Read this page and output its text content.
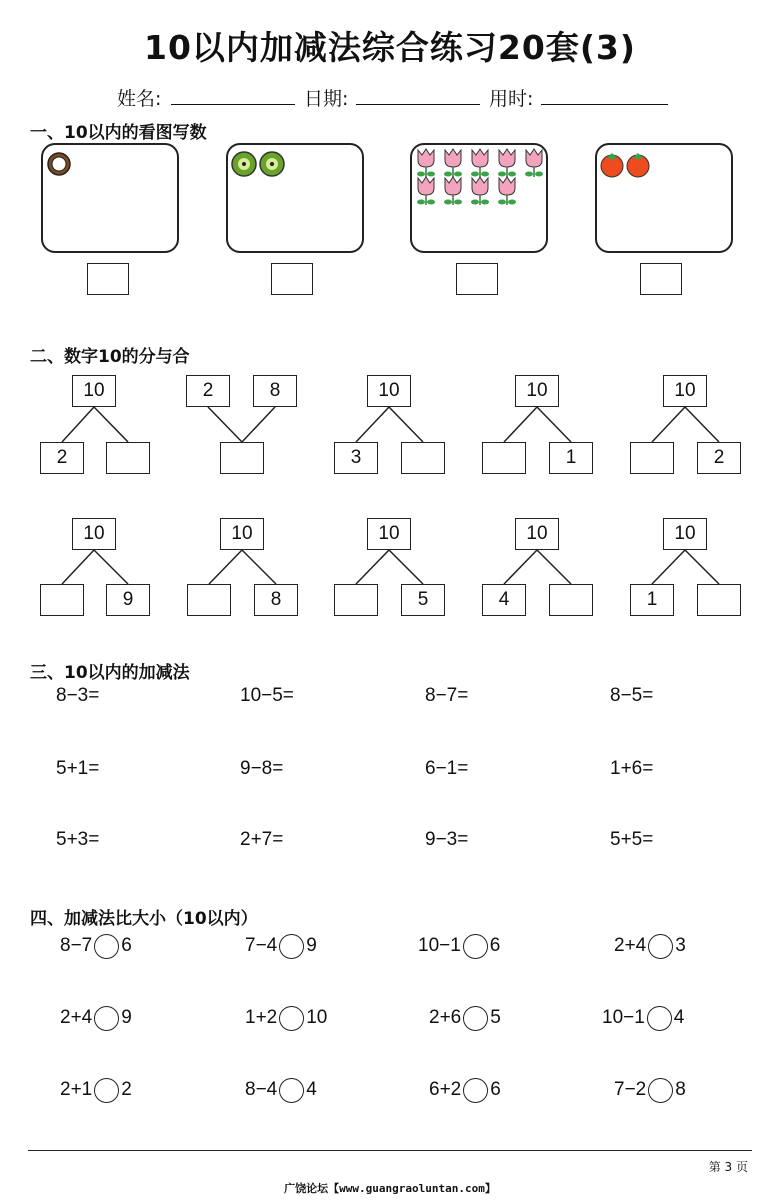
10以内加减法综合练习20套(3)
姓名:	日期:	用时:
一、10以内的看图写数
二、数字10的分与合
10
2
2	8	10
3
10
1
10
2
10
9
10
8
10
5
10
4
10
1
三、10以内的加减法
8−3=	10−5=	8−7=	8−5=
5+1=	9−8=	6−1=	1+6=
5+3=	2+7=	9−3=	5+5=
四、加减法比大小（10以内）
8−7 6	7−4 9	10−1 6	2+4 3
2+4 9	1+2 10	2+6 5	10−1 4
2+1 2	8−4 4	6+2 6	7−2 8
第 3 页
广饶论坛【www.guangraoluntan.com】
